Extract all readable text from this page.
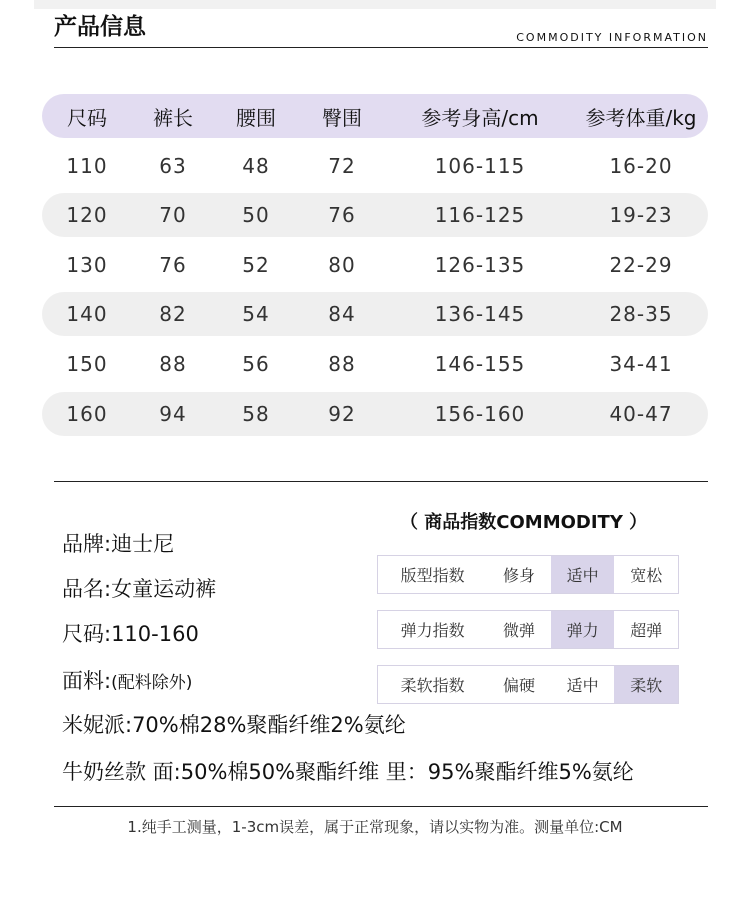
产品信息	COMMODITY INFORMATION
尺码	裤长	腰围	臀围	参考身高/cm	参考体重/kg
110	63	48	72	106-115	16-20
120	70	50	76	116-125	19-23
130	76	52	80	126-135	22-29
140	82	54	84	136-145	28-35
150	88	56	88	146-155	34-41
160	94	58	92	156-160	40-47
品牌:迪士尼
品名:女童运动裤
尺码:110-160
面料:(配料除外)
米妮派:70%棉28%聚酯纤维2%氨纶
牛奶丝款 面:50%棉50%聚酯纤维 里：95%聚酯纤维5%氨纶
（ 商品指数COMMODITY ）
版型指数	修身	适中	宽松
弹力指数	微弹	弹力	超弹
柔软指数	偏硬	适中	柔软
1.纯手工测量，1-3cm误差，属于正常现象，请以实物为准。测量单位:CM
